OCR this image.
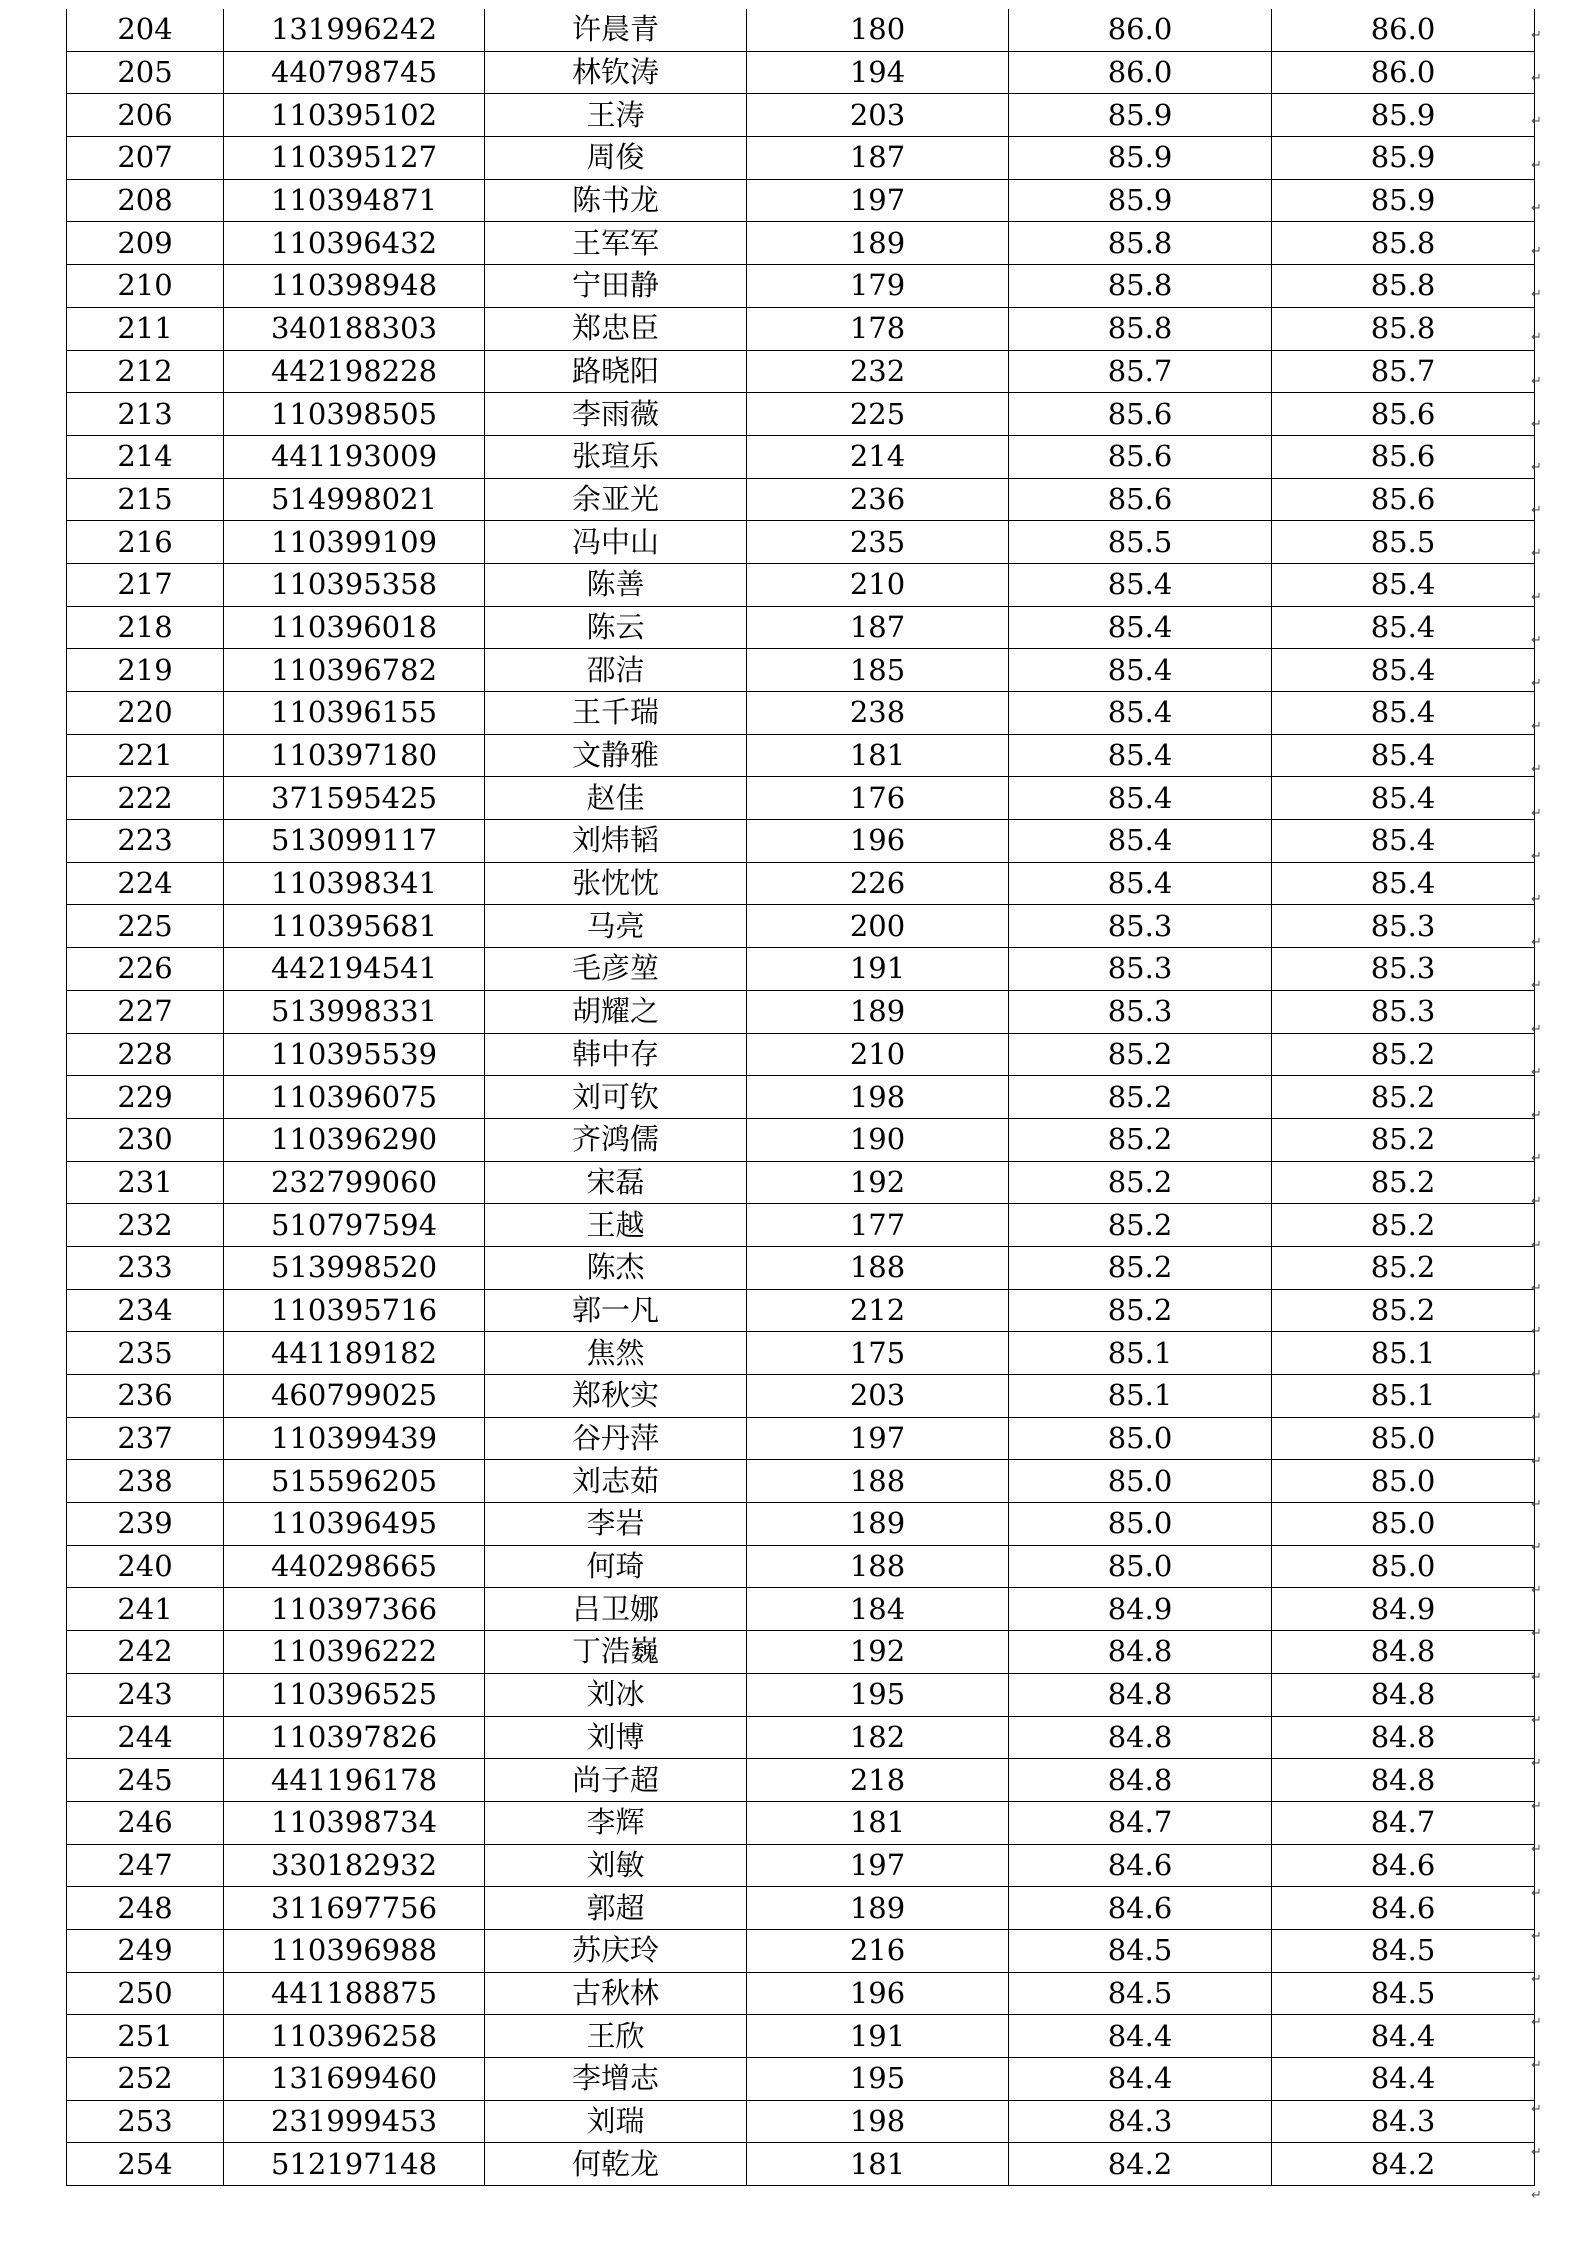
204	131996242	许晨青	180	86.0	86.0
205	440798745	林钦涛	194	86.0	86.0
206	110395102	王涛	203	85.9	85.9
207	110395127	周俊	187	85.9	85.9
208	110394871	陈书龙	197	85.9	85.9
209	110396432	王军军	189	85.8	85.8
210	110398948	宁田静	179	85.8	85.8
211	340188303	郑忠臣	178	85.8	85.8
212	442198228	路晓阳	232	85.7	85.7
213	110398505	李雨薇	225	85.6	85.6
214	441193009	张瑄乐	214	85.6	85.6
215	514998021	余亚光	236	85.6	85.6
216	110399109	冯中山	235	85.5	85.5
217	110395358	陈善	210	85.4	85.4
218	110396018	陈云	187	85.4	85.4
219	110396782	邵洁	185	85.4	85.4
220	110396155	王千瑞	238	85.4	85.4
221	110397180	文静雅	181	85.4	85.4
222	371595425	赵佳	176	85.4	85.4
223	513099117	刘炜韬	196	85.4	85.4
224	110398341	张忱忱	226	85.4	85.4
225	110395681	马亮	200	85.3	85.3
226	442194541	毛彦堃	191	85.3	85.3
227	513998331	胡耀之	189	85.3	85.3
228	110395539	韩中存	210	85.2	85.2
229	110396075	刘可钦	198	85.2	85.2
230	110396290	齐鸿儒	190	85.2	85.2
231	232799060	宋磊	192	85.2	85.2
232	510797594	王越	177	85.2	85.2
233	513998520	陈杰	188	85.2	85.2
234	110395716	郭一凡	212	85.2	85.2
235	441189182	焦然	175	85.1	85.1
236	460799025	郑秋实	203	85.1	85.1
237	110399439	谷丹萍	197	85.0	85.0
238	515596205	刘志茹	188	85.0	85.0
239	110396495	李岩	189	85.0	85.0
240	440298665	何琦	188	85.0	85.0
241	110397366	吕卫娜	184	84.9	84.9
242	110396222	丁浩巍	192	84.8	84.8
243	110396525	刘冰	195	84.8	84.8
244	110397826	刘博	182	84.8	84.8
245	441196178	尚子超	218	84.8	84.8
246	110398734	李辉	181	84.7	84.7
247	330182932	刘敏	197	84.6	84.6
248	311697756	郭超	189	84.6	84.6
249	110396988	苏庆玲	216	84.5	84.5
250	441188875	古秋林	196	84.5	84.5
251	110396258	王欣	191	84.4	84.4
252	131699460	李增志	195	84.4	84.4
253	231999453	刘瑞	198	84.3	84.3
254	512197148	何乾龙	181	84.2	84.2
↵
↵
↵
↵
↵
↵
↵
↵
↵
↵
↵
↵
↵
↵
↵
↵
↵
↵
↵
↵
↵
↵
↵
↵
↵
↵
↵
↵
↵
↵
↵
↵
↵
↵
↵
↵
↵
↵
↵
↵
↵
↵
↵
↵
↵
↵
↵
↵
↵
↵
↵
